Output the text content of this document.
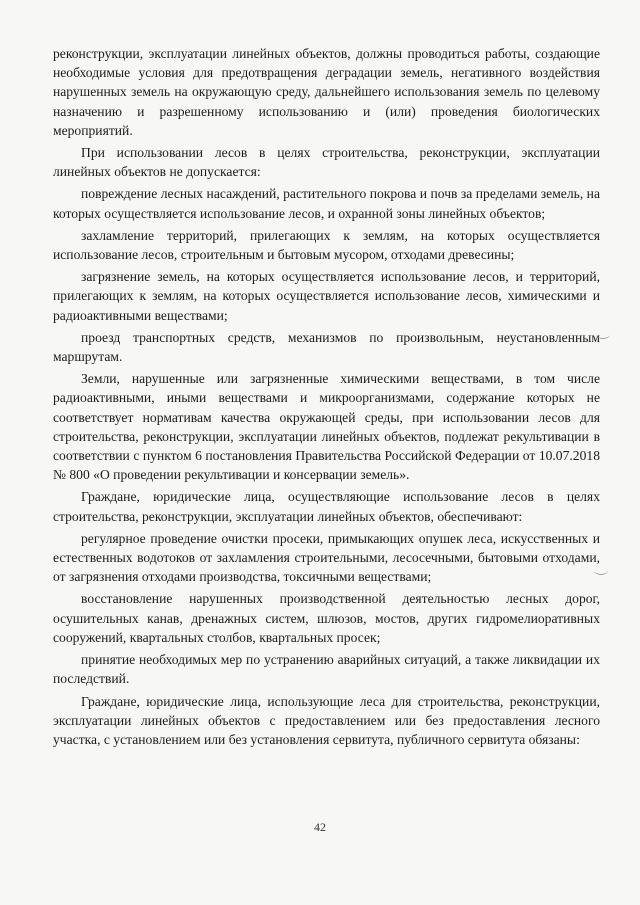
реконструкции, эксплуатации линейных объектов, должны проводиться работы, создающие необходимые условия для предотвращения деградации земель, негативного воздействия нарушенных земель на окружающую среду, дальнейшего использования земель по целевому назначению и разрешенному использованию и (или) проведения биологических мероприятий.

При использовании лесов в целях строительства, реконструкции, эксплуатации линейных объектов не допускается:

повреждение лесных насаждений, растительного покрова и почв за пределами земель, на которых осуществляется использование лесов, и охранной зоны линейных объектов;

захламление территорий, прилегающих к землям, на которых осуществляется использование лесов, строительным и бытовым мусором, отходами древесины;

загрязнение земель, на которых осуществляется использование лесов, и территорий, прилегающих к землям, на которых осуществляется использование лесов, химическими и радиоактивными веществами;

проезд транспортных средств, механизмов по произвольным, неустановленным маршрутам.

Земли, нарушенные или загрязненные химическими веществами, в том числе радиоактивными, иными веществами и микроорганизмами, содержание которых не соответствует нормативам качества окружающей среды, при использовании лесов для строительства, реконструкции, эксплуатации линейных объектов, подлежат рекультивации в соответствии с пунктом 6 постановления Правительства Российской Федерации от 10.07.2018 № 800 «О проведении рекультивации и консервации земель».

Граждане, юридические лица, осуществляющие использование лесов в целях строительства, реконструкции, эксплуатации линейных объектов, обеспечивают:

регулярное проведение очистки просеки, примыкающих опушек леса, искусственных и естественных водотоков от захламления строительными, лесосечными, бытовыми отходами, от загрязнения отходами производства, токсичными веществами;

восстановление нарушенных производственной деятельностью лесных дорог, осушительных канав, дренажных систем, шлюзов, мостов, других гидромелиоративных сооружений, квартальных столбов, квартальных просек;

принятие необходимых мер по устранению аварийных ситуаций, а также ликвидации их последствий.

Граждане, юридические лица, использующие леса для строительства, реконструкции, эксплуатации линейных объектов с предоставлением или без предоставления лесного участка, с установлением или без установления сервитута, публичного сервитута обязаны:

42
